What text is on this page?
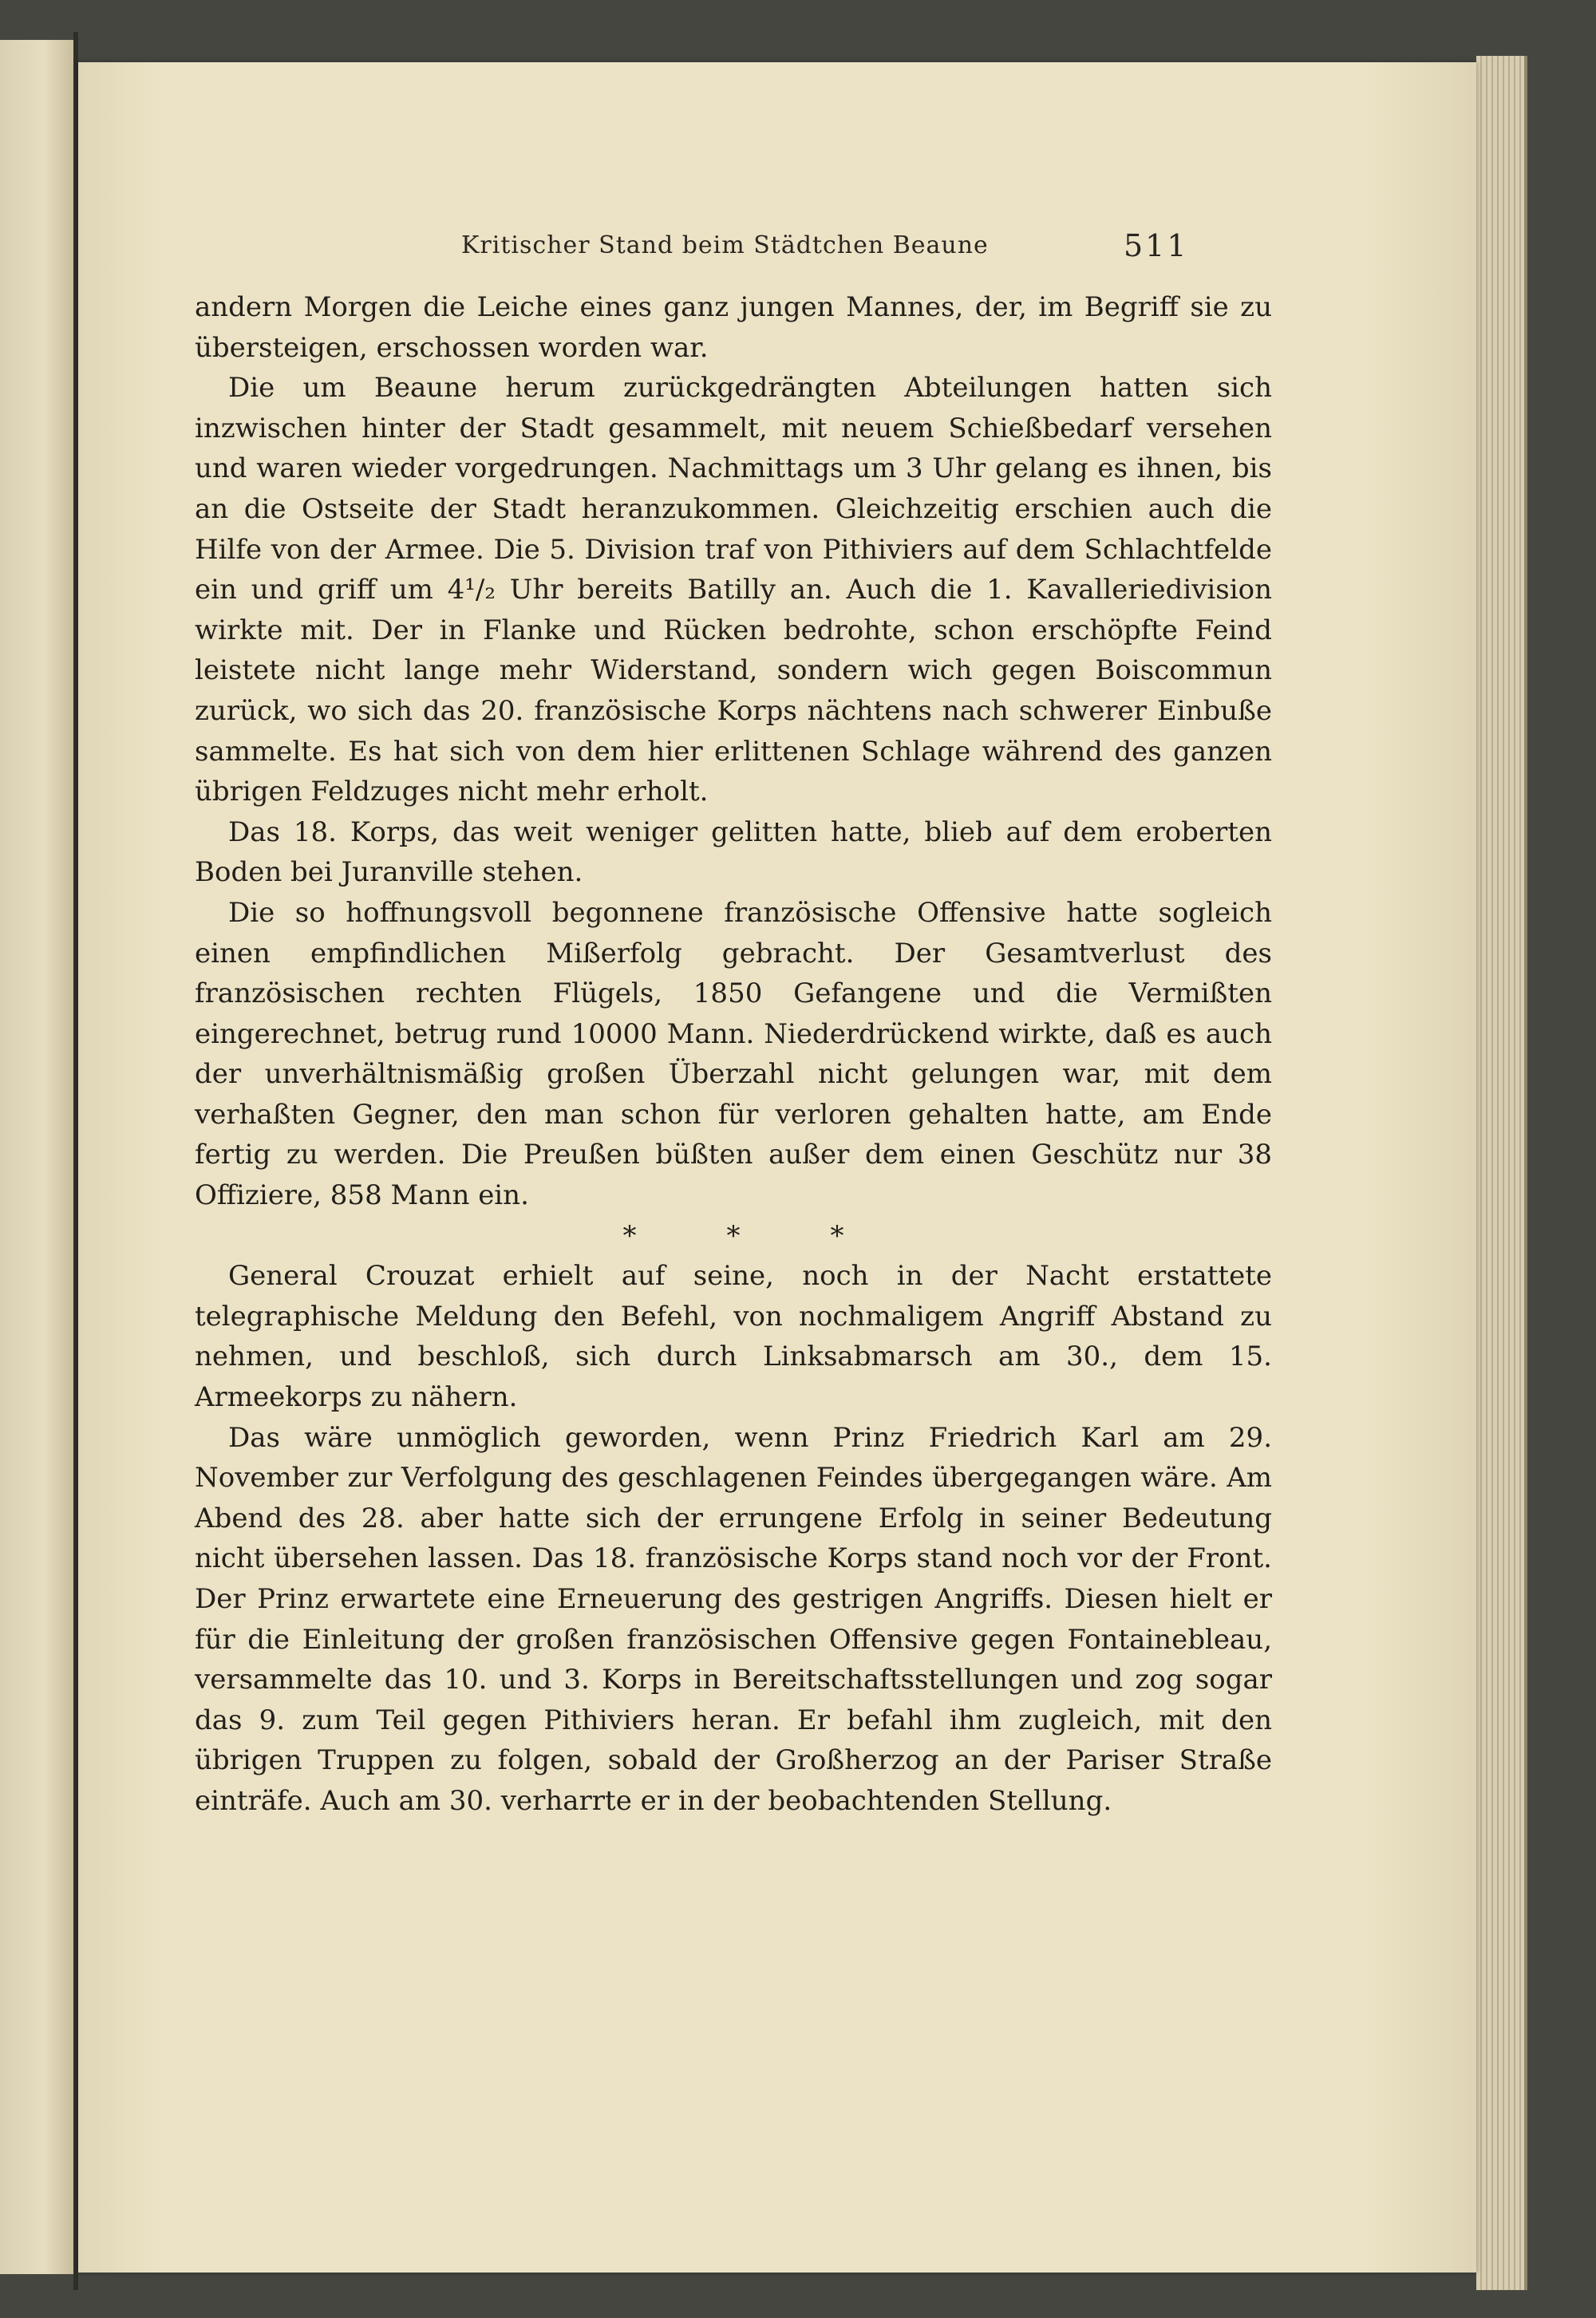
Kritischer Stand beim Städtchen Beaune	511

andern Morgen die Leiche eines ganz jungen Mannes, der, im Begriff sie zu übersteigen, erschossen worden war.

Die um Beaune herum zurückgedrängten Abteilungen hatten sich inzwischen hinter der Stadt gesammelt, mit neuem Schießbedarf versehen und waren wieder vorgedrungen. Nachmittags um 3 Uhr gelang es ihnen, bis an die Ostseite der Stadt heranzukommen. Gleichzeitig erschien auch die Hilfe von der Armee. Die 5. Division traf von Pithiviers auf dem Schlachtfelde ein und griff um 4¹/₂ Uhr bereits Batilly an. Auch die 1. Kavalleriedivision wirkte mit. Der in Flanke und Rücken bedrohte, schon erschöpfte Feind leistete nicht lange mehr Widerstand, sondern wich gegen Boiscommun zurück, wo sich das 20. französische Korps nächtens nach schwerer Einbuße sammelte. Es hat sich von dem hier erlittenen Schlage während des ganzen übrigen Feldzuges nicht mehr erholt.

Das 18. Korps, das weit weniger gelitten hatte, blieb auf dem eroberten Boden bei Juranville stehen.

Die so hoffnungsvoll begonnene französische Offensive hatte sogleich einen empfindlichen Mißerfolg gebracht. Der Gesamtverlust des französischen rechten Flügels, 1850 Gefangene und die Vermißten eingerechnet, betrug rund 10000 Mann. Niederdrückend wirkte, daß es auch der unverhältnismäßig großen Überzahl nicht gelungen war, mit dem verhaßten Gegner, den man schon für verloren gehalten hatte, am Ende fertig zu werden. Die Preußen büßten außer dem einen Geschütz nur 38 Offiziere, 858 Mann ein.

*	*	*

General Crouzat erhielt auf seine, noch in der Nacht erstattete telegraphische Meldung den Befehl, von nochmaligem Angriff Abstand zu nehmen, und beschloß, sich durch Linksabmarsch am 30., dem 15. Armeekorps zu nähern.

Das wäre unmöglich geworden, wenn Prinz Friedrich Karl am 29. November zur Verfolgung des geschlagenen Feindes übergegangen wäre. Am Abend des 28. aber hatte sich der errungene Erfolg in seiner Bedeutung nicht übersehen lassen. Das 18. französische Korps stand noch vor der Front. Der Prinz erwartete eine Erneuerung des gestrigen Angriffs. Diesen hielt er für die Einleitung der großen französischen Offensive gegen Fontainebleau, versammelte das 10. und 3. Korps in Bereitschaftsstellungen und zog sogar das 9. zum Teil gegen Pithiviers heran. Er befahl ihm zugleich, mit den übrigen Truppen zu folgen, sobald der Großherzog an der Pariser Straße einträfe. Auch am 30. verharrte er in der beobachtenden Stellung.
